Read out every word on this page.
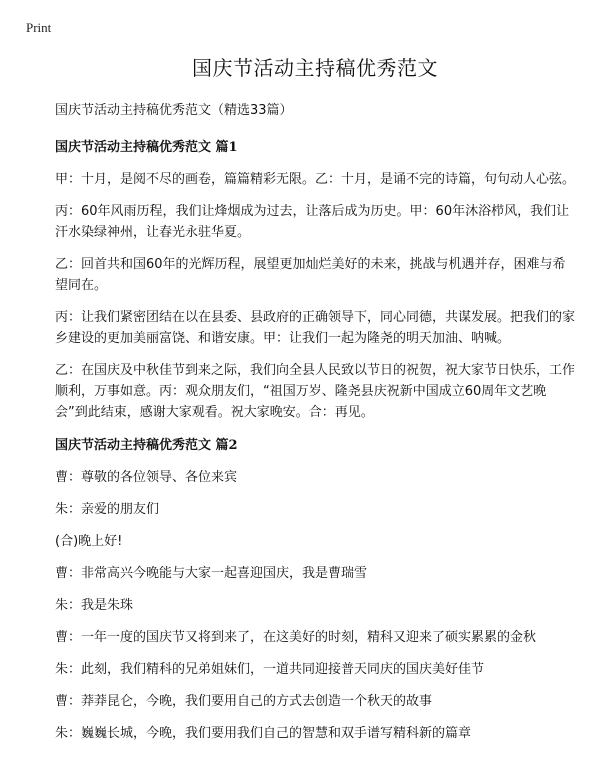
Print
国庆节活动主持稿优秀范文

国庆节活动主持稿优秀范文（精选33篇）

国庆节活动主持稿优秀范文 篇1

甲：十月，是阅不尽的画卷，篇篇精彩无限。乙：十月，是诵不完的诗篇，句句动人心弦。

丙：60年风雨历程，我们让烽烟成为过去，让落后成为历史。甲：60年沐浴栉风，我们让汗水染绿神州，让春光永驻华夏。

乙：回首共和国60年的光辉历程，展望更加灿烂美好的未来，挑战与机遇并存，困难与希望同在。

丙：让我们紧密团结在以在县委、县政府的正确领导下，同心同德，共谋发展。把我们的家乡建设的更加美丽富饶、和谐安康。甲：让我们一起为隆尧的明天加油、呐喊。

乙：在国庆及中秋佳节到来之际，我们向全县人民致以节日的祝贺，祝大家节日快乐，工作顺利，万事如意。丙：观众朋友们，“祖国万岁、隆尧县庆祝新中国成立60周年文艺晚会”到此结束，感谢大家观看。祝大家晚安。合：再见。

国庆节活动主持稿优秀范文 篇2

曹：尊敬的各位领导、各位来宾

朱：亲爱的朋友们

(合)晚上好!

曹：非常高兴今晚能与大家一起喜迎国庆，我是曹瑞雪

朱：我是朱珠

曹：一年一度的国庆节又将到来了，在这美好的时刻，精科又迎来了硕实累累的金秋

朱：此刻，我们精科的兄弟姐妹们，一道共同迎接普天同庆的国庆美好佳节

曹：莽莽昆仑，今晚，我们要用自己的方式去创造一个秋天的故事

朱：巍巍长城，今晚，我们要用我们自己的智慧和双手谱写精科新的篇章
